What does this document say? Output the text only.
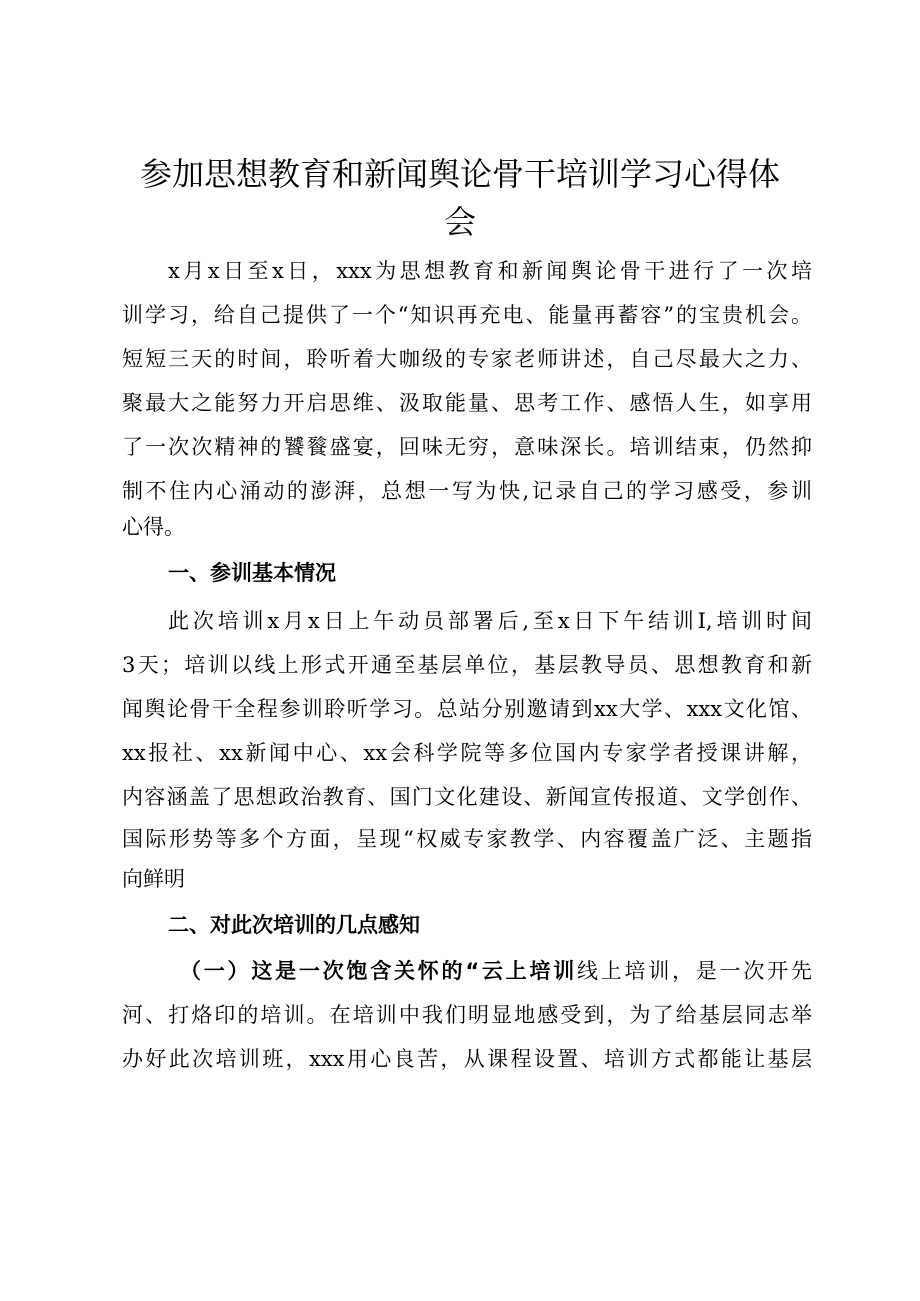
参加思想教育和新闻舆论骨干培训学习心得体
会

x月x日至x日，xxx为思想教育和新闻舆论骨干进行了一次培

训学习，给自己提供了一个“知识再充电、能量再蓄容”的宝贵机会。

短短三天的时间，聆听着大咖级的专家老师讲述，自己尽最大之力、

聚最大之能努力开启思维、汲取能量、思考工作、感悟人生，如享用

了一次次精神的饕餮盛宴，回味无穷，意味深长。培训结束，仍然抑

制不住内心涌动的澎湃，总想一写为快,记录自己的学习感受，参训

心得。

一、参训基本情况

此次培训x月x日上午动员部署后,至x日下午结训I,培训时间

3天；培训以线上形式开通至基层单位，基层教导员、思想教育和新

闻舆论骨干全程参训聆听学习。总站分别邀请到xx大学、xxx文化馆、

xx报社、xx新闻中心、xx会科学院等多位国内专家学者授课讲解，

内容涵盖了思想政治教育、国门文化建设、新闻宣传报道、文学创作、

国际形势等多个方面，呈现“权威专家教学、内容覆盖广泛、主题指

向鲜明

二、对此次培训的几点感知

（一）这是一次饱含关怀的“云上培训线上培训，是一次开先

河、打烙印的培训。在培训中我们明显地感受到，为了给基层同志举

办好此次培训班，xxx用心良苦，从课程设置、培训方式都能让基层
